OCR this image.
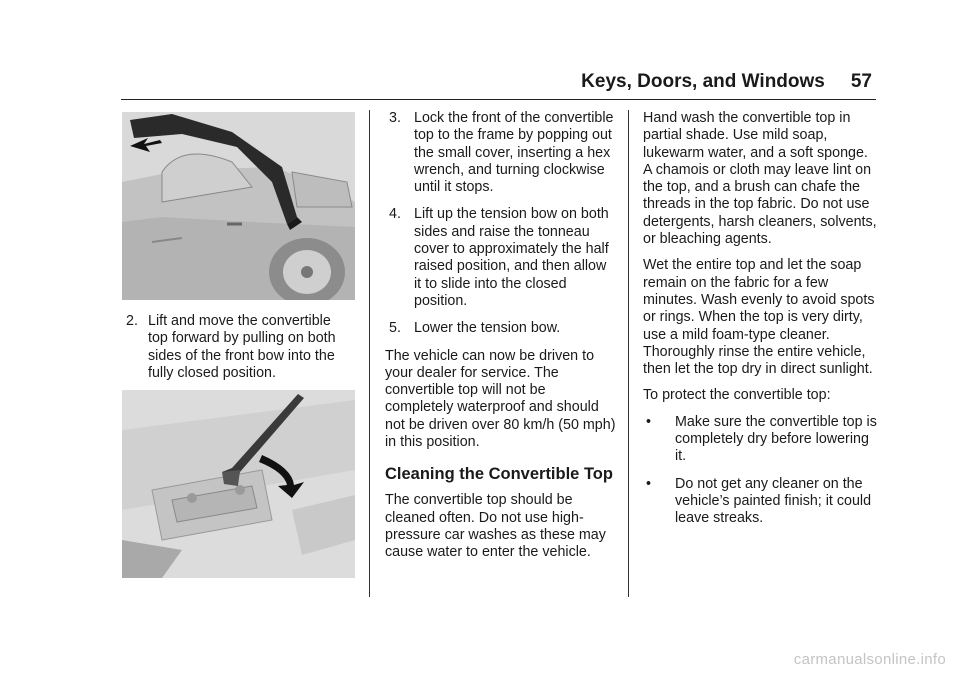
Keys, Doors, and Windows 57
2. Lift and move the convertible top forward by pulling on both sides of the front bow into the fully closed position.
3. Lock the front of the convertible top to the frame by popping out the small cover, inserting a hex wrench, and turning clockwise until it stops.
4. Lift up the tension bow on both sides and raise the tonneau cover to approximately the half raised position, and then allow it to slide into the closed position.
5. Lower the tension bow.

The vehicle can now be driven to your dealer for service. The convertible top will not be completely waterproof and should not be driven over 80 km/h (50 mph) in this position.

Cleaning the Convertible Top

The convertible top should be cleaned often. Do not use high-pressure car washes as these may cause water to enter the vehicle.

Hand wash the convertible top in partial shade. Use mild soap, lukewarm water, and a soft sponge. A chamois or cloth may leave lint on the top, and a brush can chafe the threads in the top fabric. Do not use detergents, harsh cleaners, solvents, or bleaching agents.

Wet the entire top and let the soap remain on the fabric for a few minutes. Wash evenly to avoid spots or rings. When the top is very dirty, use a mild foam-type cleaner. Thoroughly rinse the entire vehicle, then let the top dry in direct sunlight.

To protect the convertible top:

• Make sure the convertible top is completely dry before lowering it.
• Do not get any cleaner on the vehicle’s painted finish; it could leave streaks.
carmanualsonline.info
